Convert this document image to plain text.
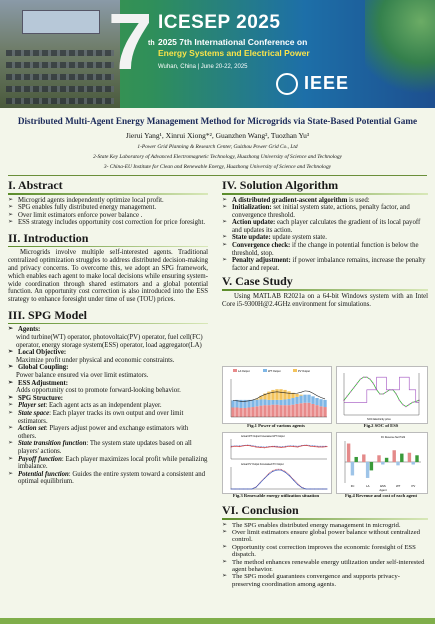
7 th
ICESEP 2025
2025 7th International Conference on
Energy Systems and Electrical Power
Wuhan, China | June 20-22, 2025
IEEE
Distributed Multi-Agent Energy Management Method for Microgrids via State-Based Potential Game
Jierui Yang¹, Xinrui Xiong*², Guanzhen Wang², Tuozhan Yu³
1-Power Grid Planning & Research Center, Guizhou Power Grid Co., Ltd
2-State Key Laboratory of Advanced Electromagnetic Technology, Huazhong University of Science and Technology
3- China-EU Institute for Clean and Renewable Energy, Huazhong University of Science and Technology
I. Abstract
➢ Microgrid agents independently optimize local profit.
➢ SPG enables fully distributed energy management.
➢ Over limit estimators enforce power balance .
➢ ESS strategy includes opportunity cost correction for price foresight.
II. Introduction

Microgrids involve multiple self-interested agents. Traditional centralized optimization struggles to address distributed decision-making and privacy concerns. To overcome this, we adopt an SPG framework, which enables each agent to make local decisions while ensuring system-wide coordination through shared estimators and a global potential function. An opportunity cost correction is also introduced into the ESS strategy to enhance foresight under time of use (TOU) prices.

III. SPG Model
➢ Agents:

wind turbine(WT) operator, photovoltaic(PV) operator, fuel cell(FC) operator, energy storage system(ESS) operator, load aggregator(LA)

➢ Local Objective:

Maximize profit under physical and economic constraints.

➢ Global Coupling:

Power balance ensured via over limit estimators.

➢ ESS Adjustment:

Adds opportunity cost to promote forward-looking behavior.

➢ SPG Structure:
➢ Player set: Each agent acts as an independent player.
➢ State space: Each player tracks its own output and over limit estimators.
➢ Action set: Players adjust power and exchange estimators with others.
➢ State transition function: The system state updates based on all players' actions.
➢ Payoff function: Each player maximizes local profit while penalizing imbalance.
➢ Potential function: Guides the entire system toward a consistent and optimal equilibrium.
IV. Solution Algorithm
➢ A distributed gradient-ascent algorithm is used:
➢ Initialization: set initial system state, actions, penalty factor, and convergence threshold.
➢ Action update: each player calculates the gradient of its local payoff and updates its action.
➢ State update: update system state.
➢ Convergence check: if the change in potential function is below the threshold, stop.
➢ Penalty adjustment: if power imbalance remains, increase the penalty factor and repeat.
V. Case Study

Using MATLAB R2021a on a 64-bit Windows system with an Intel Core i5-9300H@2.4GHz environment for simulations.

LA Output	WT Output	PV Output
Fig.1 Power of various agents
SOC Electricity price
Fig.2 SOC of ESS
Actual WT Output Forecasted WT Output
Actual PV Output Forecasted PV Output
Fig.3 Renewable energy utilization situation
FC	LA	ESS	WT	PV
Agent
FC Revenue Net Profit
Fig.4 Revenue and cost of each agent
VI. Conclusion
➢ The SPG enables distributed energy management in microgrid.
➢ Over limit estimators ensure global power balance without centralized control.
➢ Opportunity cost correction improves the economic foresight of ESS dispatch.
➢ The method enhances renewable energy utilization under self-interested agent behavior.
➢ The SPG model guarantees convergence and supports privacy-preserving coordination among agents.
